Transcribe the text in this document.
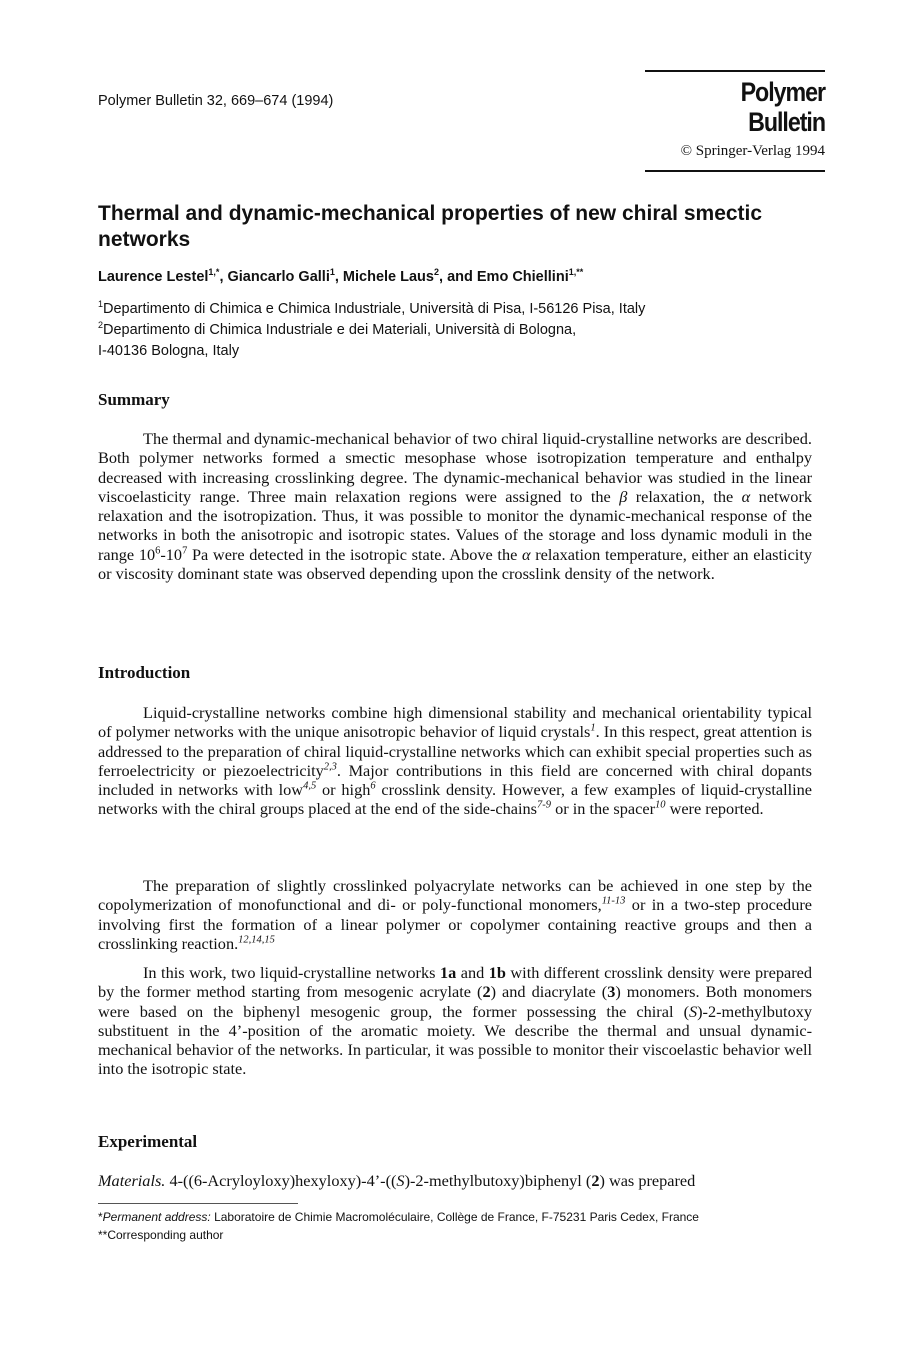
Polymer Bulletin 32, 669–674 (1994)	Polymer Bulletin
© Springer-Verlag 1994
Thermal and dynamic-mechanical properties of new chiral smectic networks
Laurence Lestel$^{1,*}$, Giancarlo Galli$^1$, Michele Laus$^2$, and Emo Chiellini$^{1,**}$
$^1$Departimento di Chimica e Chimica Industriale, Università di Pisa, I-56126 Pisa, Italy
$^2$Departimento di Chimica Industriale e dei Materiali, Università di Bologna,
I-40136 Bologna, Italy
Summary
The thermal and dynamic-mechanical behavior of two chiral liquid-crystalline networks are described. Both polymer networks formed a smectic mesophase whose isotropization temperature and enthalpy decreased with increasing crosslinking degree. The dynamic-mechanical behavior was studied in the linear viscoelasticity range. Three main relaxation regions were assigned to the β relaxation, the α network relaxation and the isotropization. Thus, it was possible to monitor the dynamic-mechanical response of the networks in both the anisotropic and isotropic states. Values of the storage and loss dynamic moduli in the range $10^6-10^7$ Pa were detected in the isotropic state. Above the α relaxation temperature, either an elasticity or viscosity dominant state was observed depending upon the crosslink density of the network.
Introduction
Liquid-crystalline networks combine high dimensional stability and mechanical orientability typical of polymer networks with the unique anisotropic behavior of liquid crystals$^1$. In this respect, great attention is addressed to the preparation of chiral liquid-crystalline networks which can exhibit special properties such as ferroelectricity or piezoelectricity$^{2,3}$. Major contributions in this field are concerned with chiral dopants included in networks with low$^{4,5}$ or high$^6$ crosslink density. However, a few examples of liquid-crystalline networks with the chiral groups placed at the end of the side-chains$^{7-9}$ or in the spacer$^{10}$ were reported.
The preparation of slightly crosslinked polyacrylate networks can be achieved in one step by the copolymerization of monofunctional and di- or poly-functional monomers,$^{11-13}$ or in a two-step procedure involving first the formation of a linear polymer or copolymer containing reactive groups and then a crosslinking reaction.$^{12,14,15}$
In this work, two liquid-crystalline networks 1a and 1b with different crosslink density were prepared by the former method starting from mesogenic acrylate (2) and diacrylate (3) monomers. Both monomers were based on the biphenyl mesogenic group, the former possessing the chiral (S)-2-methylbutoxy substituent in the 4’-position of the aromatic moiety. We describe the thermal and unsual dynamic-mechanical behavior of the networks. In particular, it was possible to monitor their viscoelastic behavior well into the isotropic state.
Experimental
Materials. 4-((6-Acryloyloxy)hexyloxy)-4’-((S)-2-methylbutoxy)biphenyl (2) was prepared
*Permanent address: Laboratoire de Chimie Macromoléculaire, Collège de France, F-75231 Paris Cedex, France
**Corresponding author
